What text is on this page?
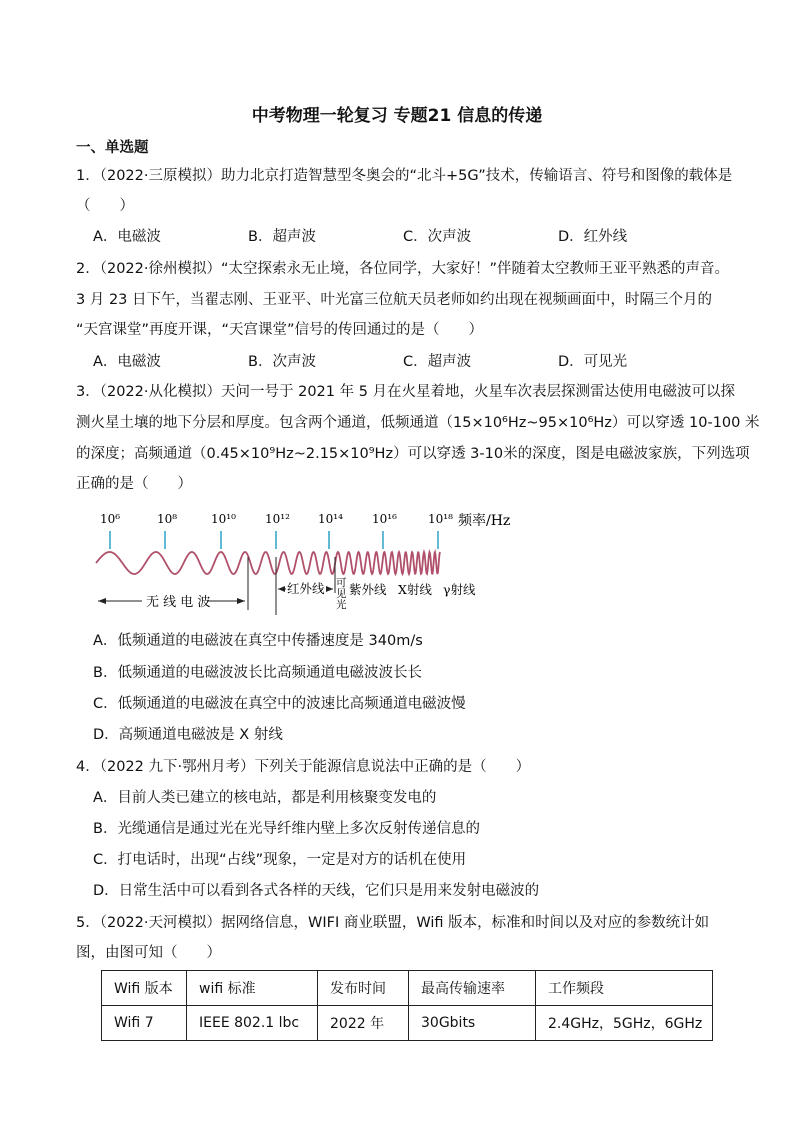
中考物理一轮复习 专题21 信息的传递
一、单选题
1．（2022·三原模拟）助力北京打造智慧型冬奥会的“北斗+5G”技术，传输语言、符号和图像的载体是
（　　）
A．电磁波	B．超声波	C．次声波	D．红外线
2．（2022·徐州模拟）“太空探索永无止境，各位同学，大家好！”伴随着太空教师王亚平熟悉的声音。
3 月 23 日下午，当翟志刚、王亚平、叶光富三位航天员老师如约出现在视频画面中，时隔三个月的
“天宫课堂”再度开课，“天宫课堂”信号的传回通过的是（　　）
A．电磁波	B．次声波	C．超声波	D．可见光
3．（2022·从化模拟）天问一号于 2021 年 5 月在火星着地，火星车次表层探测雷达使用电磁波可以探
测火星土壤的地下分层和厚度。包含两个通道，低频通道（15×10⁶Hz~95×10⁶Hz）可以穿透 10-100 米
的深度；高频通道（0.45×10⁹Hz~2.15×10⁹Hz）可以穿透 3-10米的深度，图是电磁波家族，下列选项
正确的是（　　）
10⁶	10⁸	10¹⁰ 10¹² 10¹⁴ 10¹⁶	10¹⁸ 频率/Hz
无 线 电 波
红外线 可
见
光
紫外线 X射线 γ射线
A．低频通道的电磁波在真空中传播速度是 340m/s
B．低频通道的电磁波波长比高频通道电磁波波长长
C．低频通道的电磁波在真空中的波速比高频通道电磁波慢
D．高频通道电磁波是 X 射线
4．（2022 九下·鄂州月考）下列关于能源信息说法中正确的是（　　）
A．目前人类已建立的核电站，都是利用核聚变发电的
B．光缆通信是通过光在光导纤维内壁上多次反射传递信息的
C．打电话时，出现“占线”现象，一定是对方的话机在使用
D．日常生活中可以看到各式各样的天线，它们只是用来发射电磁波的
5．（2022·天河模拟）据网络信息，WIFI 商业联盟，Wifi 版本，标准和时间以及对应的参数统计如
图，由图可知（　　）
Wifi 版本	wifi 标准	发布时间	最高传输速率	工作频段
Wifi 7	IEEE 802.1 lbc	2022 年	30Gbits	2.4GHz，5GHz，6GHz
